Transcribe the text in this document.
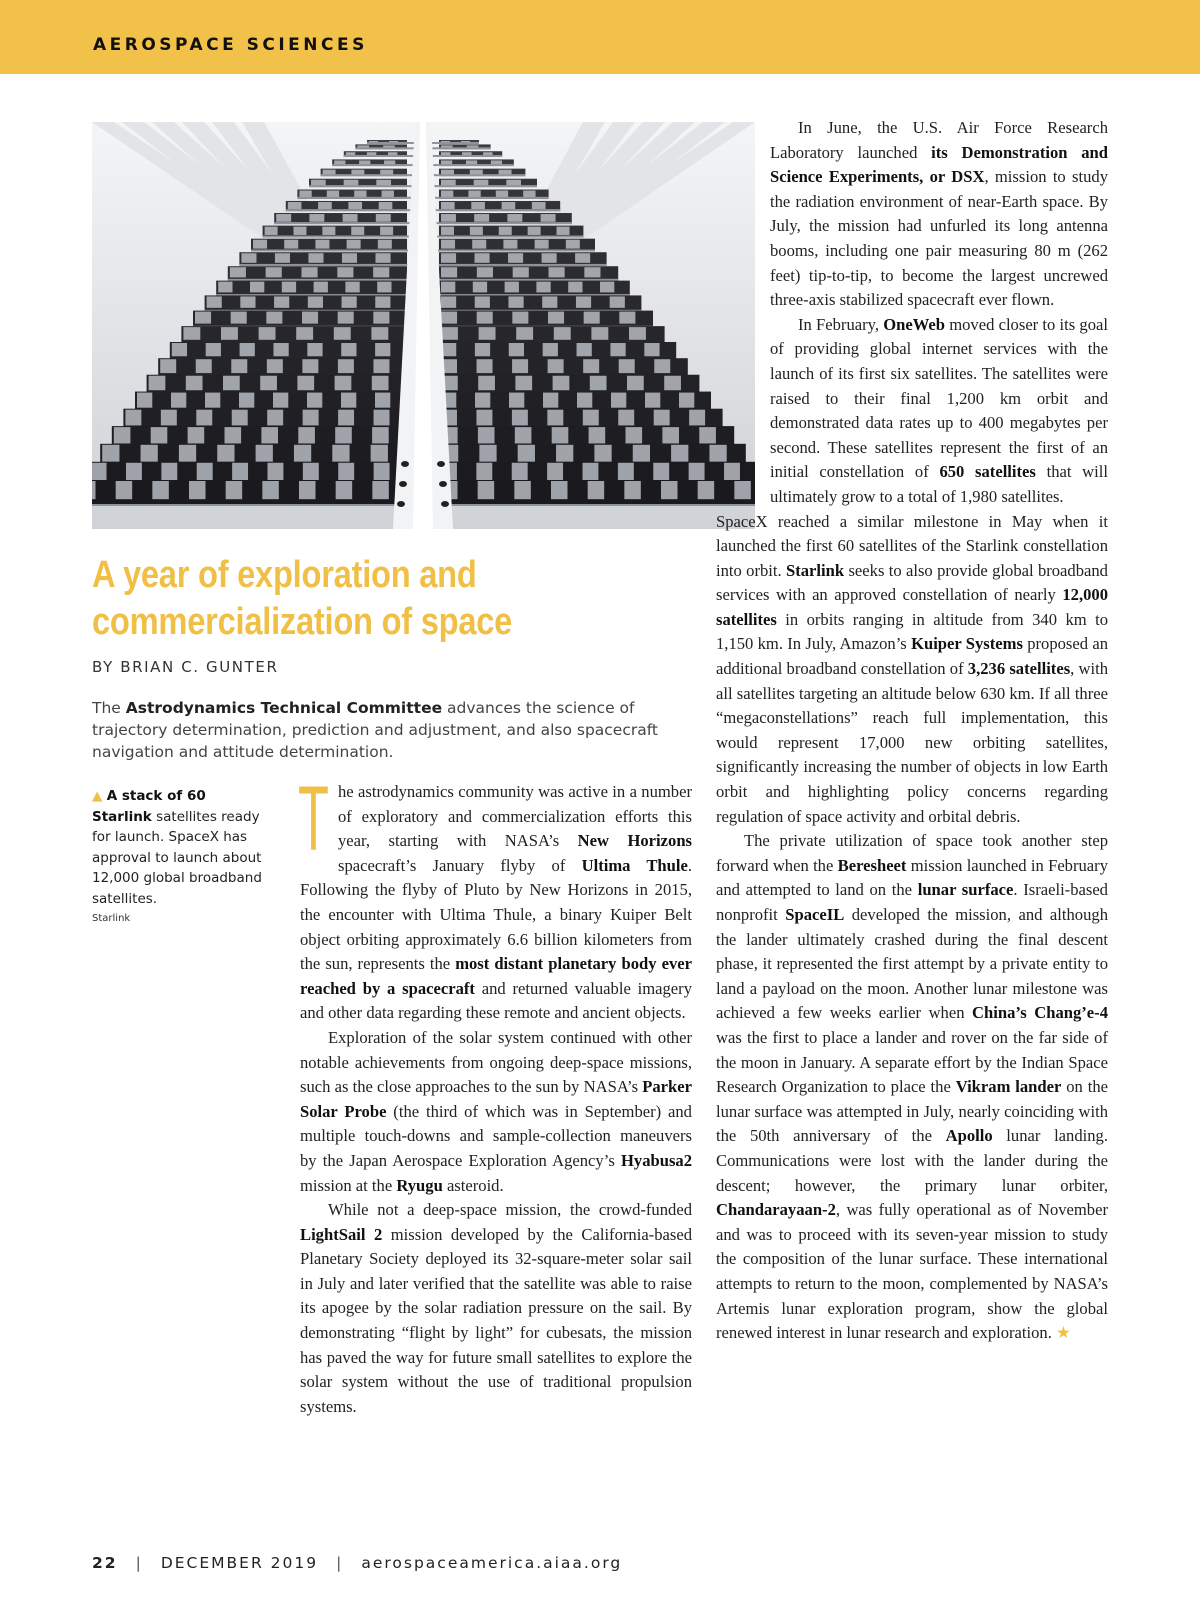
AEROSPACE SCIENCES

In June, the U.S. Air Force Research Laboratory launched its Demonstration and Science Experiments, or DSX, mission to study the radiation environment of near-Earth space. By July, the mission had unfurled its long antenna booms, including one pair measuring 80 m (262 feet) tip-to-tip, to become the largest uncrewed three-axis stabilized spacecraft ever flown.

In February, OneWeb moved closer to its goal of providing global internet services with the launch of its first six satellites. The satellites were raised to their final 1,200 km orbit and demonstrated data rates up to 400 megabytes per second. These satellites represent the first of an initial constellation of 650 satellites that will ultimately grow to a total of 1,980 satellites.

SpaceX reached a similar milestone in May when it launched the first 60 satellites of the Starlink constellation into orbit. Starlink seeks to also provide global broadband services with an approved constellation of nearly 12,000 satellites in orbits ranging in altitude from 340 km to 1,150 km. In July, Amazon’s Kuiper Systems proposed an additional broadband constellation of 3,236 satellites, with all satellites targeting an altitude below 630 km. If all three “megaconstellations” reach full implementation, this would represent 17,000 new orbiting satellites, significantly increasing the number of objects in low Earth orbit and highlighting policy concerns regarding regulation of space activity and orbital debris.

The private utilization of space took another step forward when the Beresheet mission launched in February and attempted to land on the lunar surface. Israeli-based nonprofit SpaceIL developed the mission, and although the lander ultimately crashed during the final descent phase, it represented the first attempt by a private entity to land a payload on the moon. Another lunar milestone was achieved a few weeks earlier when China’s Chang’e-4 was the first to place a lander and rover on the far side of the moon in January. A separate effort by the Indian Space Research Organization to place the Vikram lander on the lunar surface was attempted in July, nearly coinciding with the 50th anniversary of the Apollo lunar landing. Communications were lost with the lander during the descent; however, the primary lunar orbiter, Chandarayaan-2, was fully operational as of November and was to proceed with its seven-year mission to study the composition of the lunar surface. These international attempts to return to the moon, complemented by NASA’s Artemis lunar exploration program, show the global renewed interest in lunar research and exploration. ★

A year of exploration and commercialization of space
BY BRIAN C. GUNTER
The Astrodynamics Technical Committee advances the science of trajectory determination, prediction and adjustment, and also spacecraft navigation and attitude determination.
▲ A stack of 60 Starlink satellites ready for launch. SpaceX has approval to launch about 12,000 global broadband satellites.
Starlink

The astrodynamics community was active in a number of exploratory and commercialization efforts this year, starting with NASA’s New Horizons spacecraft’s January flyby of Ultima Thule. Following the flyby of Pluto by New Horizons in 2015, the encounter with Ultima Thule, a binary Kuiper Belt object orbiting approximately 6.6 billion kilometers from the sun, represents the most distant planetary body ever reached by a spacecraft and returned valuable imagery and other data regarding these remote and ancient objects.

Exploration of the solar system continued with other notable achievements from ongoing deep-space missions, such as the close approaches to the sun by NASA’s Parker Solar Probe (the third of which was in September) and multiple touch-downs and sample-collection maneuvers by the Japan Aerospace Exploration Agency’s Hyabusa2 mission at the Ryugu asteroid.

While not a deep-space mission, the crowd-funded LightSail 2 mission developed by the California-based Planetary Society deployed its 32-square-meter solar sail in July and later verified that the satellite was able to raise its apogee by the solar radiation pressure on the sail. By demonstrating “flight by light” for cubesats, the mission has paved the way for future small satellites to explore the solar system without the use of traditional propulsion systems.

22 | DECEMBER 2019 | aerospaceamerica.aiaa.org
